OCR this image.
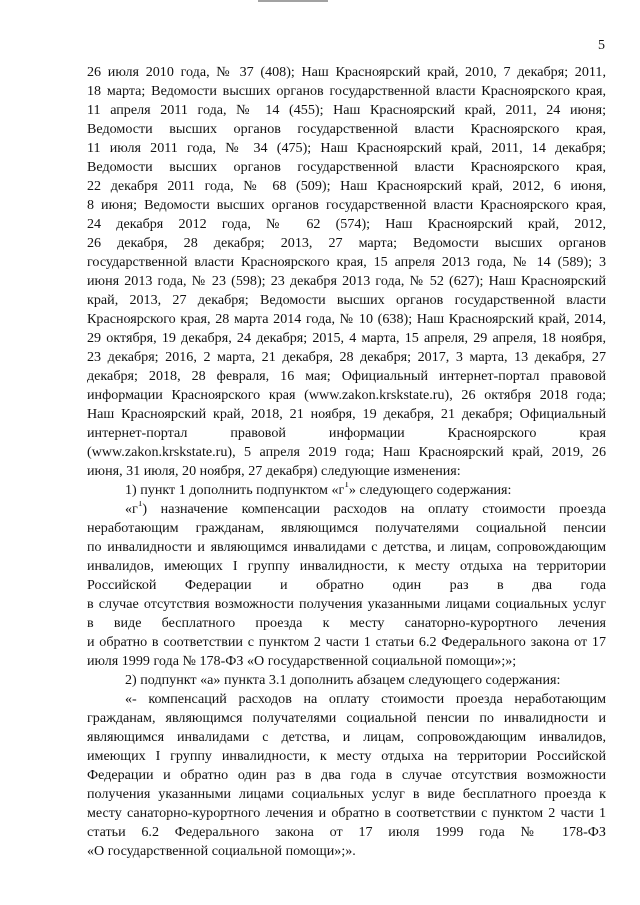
5
26 июля 2010 года, № 37 (408); Наш Красноярский край, 2010, 7 декабря; 2011,
18 марта; Ведомости высших органов государственной власти Красноярского края,
11 апреля 2011 года, № 14 (455); Наш Красноярский край, 2011, 24 июня;
Ведомости высших органов государственной власти Красноярского края,
11 июля 2011 года, № 34 (475); Наш Красноярский край, 2011, 14 декабря;
Ведомости высших органов государственной власти Красноярского края,
22 декабря 2011 года, № 68 (509); Наш Красноярский край, 2012, 6 июня,
8 июня; Ведомости высших органов государственной власти Красноярского края,
24 декабря 2012 года, № 62 (574); Наш Красноярский край, 2012,
26 декабря, 28 декабря; 2013, 27 марта; Ведомости высших органов
государственной власти Красноярского края, 15 апреля 2013 года, № 14 (589); 3
июня 2013 года, № 23 (598); 23 декабря 2013 года, № 52 (627); Наш Красноярский
край, 2013, 27 декабря; Ведомости высших органов государственной власти
Красноярского края, 28 марта 2014 года, № 10 (638); Наш Красноярский край, 2014,
29 октября, 19 декабря, 24 декабря; 2015, 4 марта, 15 апреля, 29 апреля, 18 ноября,
23 декабря; 2016, 2 марта, 21 декабря, 28 декабря; 2017, 3 марта, 13 декабря, 27
декабря; 2018, 28 февраля, 16 мая; Официальный интернет-портал правовой
информации Красноярского края (www.zakon.krskstate.ru), 26 октября 2018 года;
Наш Красноярский край, 2018, 21 ноября, 19 декабря, 21 декабря; Официальный
интернет-портал правовой информации Красноярского края
(www.zakon.krskstate.ru), 5 апреля 2019 года; Наш Красноярский край, 2019, 26
июня, 31 июля, 20 ноября, 27 декабря) следующие изменения:
1) пункт 1 дополнить подпунктом «$г^1$» следующего содержания:
«$г^1$) назначение компенсации расходов на оплату стоимости проезда
неработающим гражданам, являющимся получателями социальной пенсии
по инвалидности и являющимся инвалидами с детства, и лицам, сопровождающим
инвалидов, имеющих I группу инвалидности, к месту отдыха на территории
Российской Федерации и обратно один раз в два года
в случае отсутствия возможности получения указанными лицами социальных услуг
в виде бесплатного проезда к месту санаторно-курортного лечения
и обратно в соответствии с пунктом 2 части 1 статьи 6.2 Федерального закона от 17
июля 1999 года № 178-ФЗ «О государственной социальной помощи»;»;
2) подпункт «а» пункта 3.1 дополнить абзацем следующего содержания:
«- компенсаций расходов на оплату стоимости проезда неработающим
гражданам, являющимся получателями социальной пенсии по инвалидности и
являющимся инвалидами с детства, и лицам, сопровождающим инвалидов,
имеющих I группу инвалидности, к месту отдыха на территории Российской
Федерации и обратно один раз в два года в случае отсутствия возможности
получения указанными лицами социальных услуг в виде бесплатного проезда к
месту санаторно-курортного лечения и обратно в соответствии с пунктом 2 части 1
статьи 6.2 Федерального закона от 17 июля 1999 года № 178-ФЗ
«О государственной социальной помощи»;».
